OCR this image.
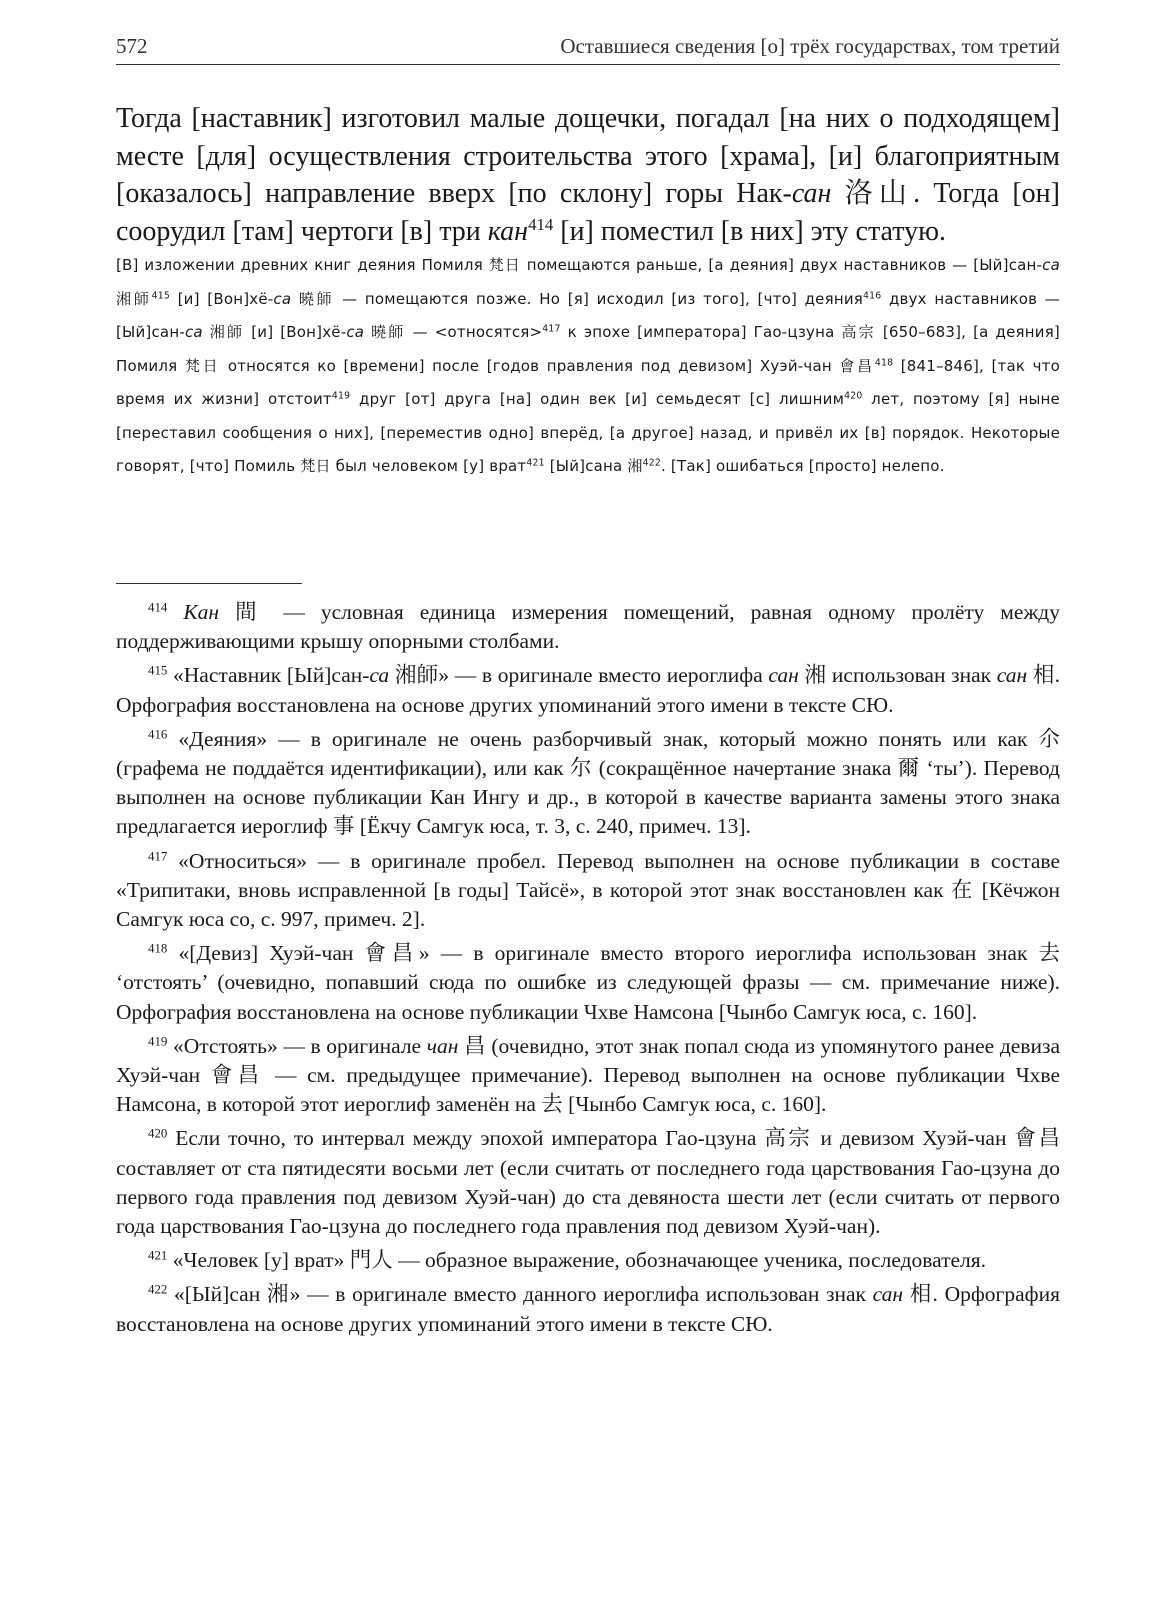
572	Оставшиеся сведения [о] трёх государствах, том третий
Тогда [наставник] изготовил малые дощечки, погадал [на них о подходящем] месте [для] осуществления строительства этого [храма], [и] благоприятным [оказалось] направление вверх [по склону] горы Нак-сан 洛山. Тогда [он] соорудил [там] чертоги [в] три кан$^{414}$ [и] поместил [в них] эту статую.
[В] изложении древних книг деяния Помиля 梵日 помещаются раньше, [а деяния] двух наставников — [Ый]сан-са 湘師$^{415}$ [и] [Вон]хё-са 曉師 — помещаются позже. Но [я] исходил [из того], [что] деяния$^{416}$ двух наставников — [Ый]сан-са 湘師 [и] [Вон]хё-са 曉師 — <относятся>$^{417}$ к эпохе [императора] Гао-цзуна 高宗 [650–683], [а деяния] Помиля 梵日 относятся ко [времени] после [годов правления под девизом] Хуэй-чан 會昌$^{418}$ [841–846], [так что время их жизни] отстоит$^{419}$ друг [от] друга [на] один век [и] семьдесят [с] лишним$^{420}$ лет, поэтому [я] ныне [переставил сообщения о них], [переместив одно] вперёд, [а другое] назад, и привёл их [в] порядок. Некоторые говорят, [что] Помиль 梵日 был человеком [у] врат$^{421}$ [Ый]сана 湘$^{422}$. [Так] ошибаться [просто] нелепо.

$^{414}$ Кан 間 — условная единица измерения помещений, равная одному пролёту между поддерживающими крышу опорными столбами.

$^{415}$ «Наставник [Ый]сан-са 湘師» — в оригинале вместо иероглифа сан 湘 использован знак сан 相. Орфография восстановлена на основе других упоминаний этого имени в тексте СЮ.

$^{416}$ «Деяния» — в оригинале не очень разборчивый знак, который можно понять или как 尒 (графема не поддаётся идентификации), или как 尔 (сокращённое начертание знака 爾 ‘ты’). Перевод выполнен на основе публикации Кан Ингу и др., в которой в качестве варианта замены этого знака предлагается иероглиф 事 [Ёкчу Самгук юса, т. 3, с. 240, примеч. 13].

$^{417}$ «Относиться» — в оригинале пробел. Перевод выполнен на основе публикации в составе «Трипитаки, вновь исправленной [в годы] Тайсё», в которой этот знак восстановлен как 在 [Кёчжон Самгук юса со, с. 997, примеч. 2].

$^{418}$ «[Девиз] Хуэй-чан 會昌» — в оригинале вместо второго иероглифа использован знак 去 ‘отстоять’ (очевидно, попавший сюда по ошибке из следующей фразы — см. примечание ниже). Орфография восстановлена на основе публикации Чхве Намсона [Чынбо Самгук юса, с. 160].

$^{419}$ «Отстоять» — в оригинале чан 昌 (очевидно, этот знак попал сюда из упомянутого ранее девиза Хуэй-чан 會昌 — см. предыдущее примечание). Перевод выполнен на основе публикации Чхве Намсона, в которой этот иероглиф заменён на 去 [Чынбо Самгук юса, с. 160].

$^{420}$ Если точно, то интервал между эпохой императора Гао-цзуна 高宗 и девизом Хуэй-чан 會昌 составляет от ста пятидесяти восьми лет (если считать от последнего года царствования Гао-цзуна до первого года правления под девизом Хуэй-чан) до ста девяноста шести лет (если считать от первого года царствования Гао-цзуна до последнего года правления под девизом Хуэй-чан).

$^{421}$ «Человек [у] врат» 門人 — образное выражение, обозначающее ученика, последователя.

$^{422}$ «[Ый]сан 湘» — в оригинале вместо данного иероглифа использован знак сан 相. Орфография восстановлена на основе других упоминаний этого имени в тексте СЮ.
